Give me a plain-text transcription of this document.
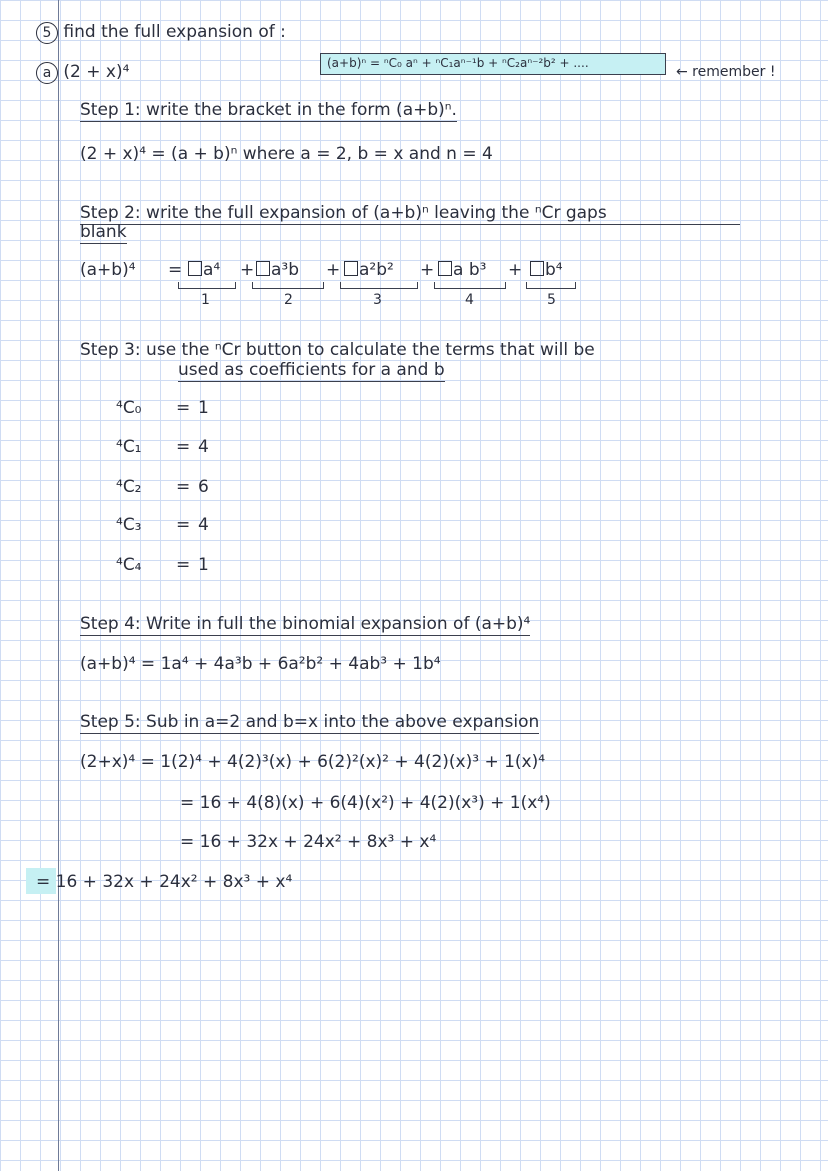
5 find the full expansion of :
a (2 + x)⁴	(a+b)ⁿ = ⁿC₀ aⁿ + ⁿC₁aⁿ⁻¹b + ⁿC₂aⁿ⁻²b² + ....
← remember !
Step 1: write the bracket in the form (a+b)ⁿ.
(2 + x)⁴ = (a + b)ⁿ where a = 2, b = x and n = 4
Step 2: write the full expansion of (a+b)ⁿ leaving the ⁿCr gaps
blank
(a+b)⁴ =	a⁴ + a³b +	a²b² +	a b³ +	b⁴
1	2	3	4	5
Step 3: use the ⁿCr button to calculate the terms that will be
used as coefficients for a and b
⁴C₀ = 1
⁴C₁ = 4
⁴C₂ = 6
⁴C₃ = 4
⁴C₄ = 1
Step 4: Write in full the binomial expansion of (a+b)⁴
(a+b)⁴ = 1a⁴ + 4a³b + 6a²b² + 4ab³ + 1b⁴
Step 5: Sub in a=2 and b=x into the above expansion
(2+x)⁴ = 1(2)⁴ + 4(2)³(x) + 6(2)²(x)² + 4(2)(x)³ + 1(x)⁴
= 16 + 4(8)(x) + 6(4)(x²) + 4(2)(x³) + 1(x⁴)
= 16 + 32x + 24x² + 8x³ + x⁴
= 16 + 32x + 24x² + 8x³ + x⁴
